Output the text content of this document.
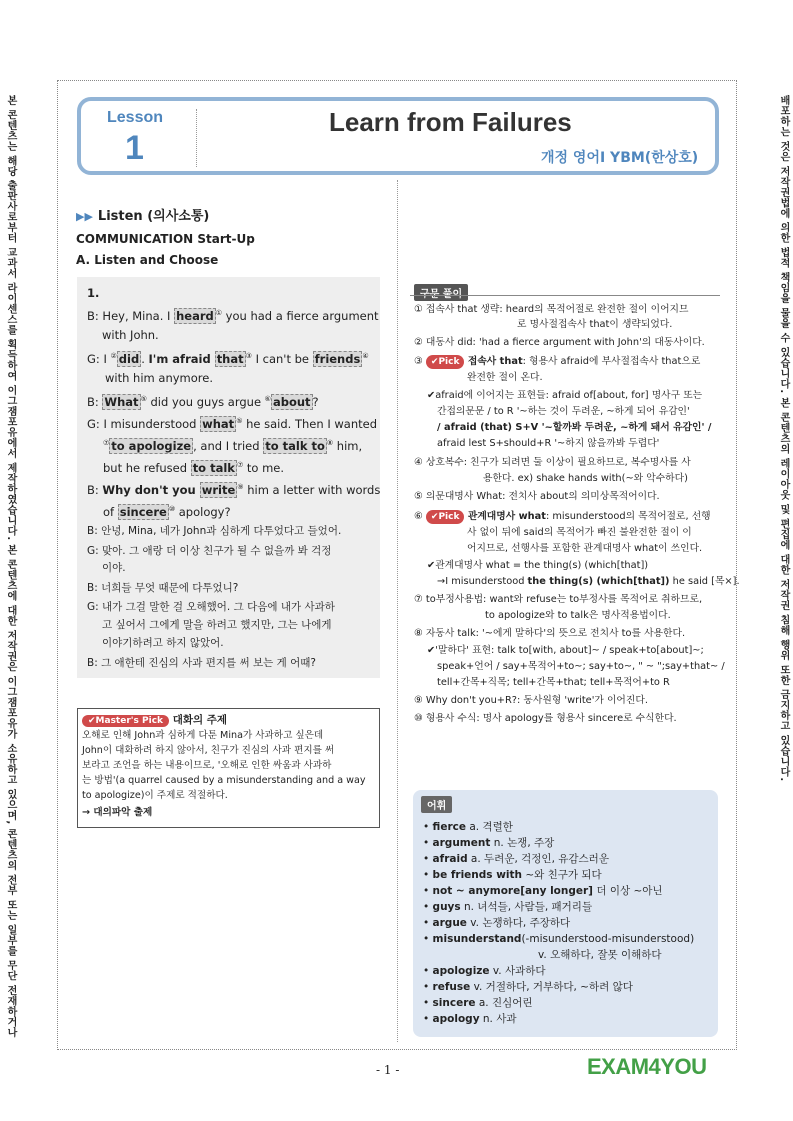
본 콘텐츠는 해당 출판사로부터 교과서 라이센스를 획득하여 이그잼포유에서 제작하였습니다. 본 콘텐츠에 대한 저작권은 이그잼포유가 소유하고 있으며, 콘텐츠의 전부 또는 일부를 무단 전재하거나	배포하는 것은 저작권법에 의한 법적 책임을 물을 수 있습니다. 본 콘텐츠의 레이아웃 및 편집에 대한 저작권 침해 행위 또한 금지하고 있습니다.
Lesson
1
Learn from Failures
개정 영어I YBM(한상호)
▶▶ Listen (의사소통)
COMMUNICATION Start-Up
A. Listen and Choose
1.
B: Hey, Mina. I heard ① you had a fierce argument
with John.
G: I ② did . I'm afraid that ③ I can't be friends ④
with him anymore.
B: What ⑤ did you guys argue ⑥ about ?
G: I misunderstood what ⑤ he said. Then I wanted
⑦ to apologize , and I tried to talk to ⑧ him,
but he refused to talk ⑦ to me.
B: Why don't you write ⑨ him a letter with words
of sincere ⑩ apology?
B: 안녕, Mina, 네가 John과 심하게 다투었다고 들었어.
G: 맞아. 그 애랑 더 이상 친구가 될 수 없을까 봐 걱정
이야.
B: 너희들 무엇 때문에 다투었니?
G: 내가 그걸 말한 걸 오해했어. 그 다음에 내가 사과하
고 싶어서 그에게 말을 하려고 했지만, 그는 나에게
이야기하려고 하지 않았어.
B: 그 애한테 진심의 사과 편지를 써 보는 게 어때?
✔Master's Pick 대화의 주제
오해로 인해 John과 심하게 다툰 Mina가 사과하고 싶은데
John이 대화하려 하지 않아서, 친구가 진심의 사과 편지를 써
보라고 조언을 하는 내용이므로, '오해로 인한 싸움과 사과하
는 방법'(a quarrel caused by a misunderstanding and a way
to apologize)이 주제로 적절하다.
→ 대의파악 출제
구문 풀이
① 접속사 that 생략: heard의 목적어절로 완전한 절이 이어지므
로 명사절접속사 that이 생략되었다.
② 대동사 did: 'had a fierce argument with John'의 대동사이다.
③ ✔Pick 접속사 that: 형용사 afraid에 부사절접속사 that으로
완전한 절이 온다.
✔afraid에 이어지는 표현들: afraid of[about, for] 명사구 또는
간접의문문 / to R '~하는 것이 두려운, ~하게 되어 유감인'
/ afraid (that) S+V '~할까봐 두려운, ~하게 돼서 유감인' /
afraid lest S+should+R '~하지 않을까봐 두렵다'
④ 상호복수: 친구가 되려면 둘 이상이 필요하므로, 복수명사를 사
용한다. ex) shake hands with(~와 악수하다)
⑤ 의문대명사 What: 전치사 about의 의미상목적어이다.
⑥ ✔Pick 관계대명사 what: misunderstood의 목적어절로, 선행
사 없이 뒤에 said의 목적어가 빠진 불완전한 절이 이
어지므로, 선행사를 포함한 관계대명사 what이 쓰인다.
✔관계대명사 what = the thing(s) (which[that])
→I misunderstood the thing(s) (which[that]) he said [목×].
⑦ to부정사용법: want와 refuse는 to부정사를 목적어로 취하므로,
to apologize와 to talk은 명사적용법이다.
⑧ 자동사 talk: '~에게 말하다'의 뜻으로 전치사 to를 사용한다.
✔'말하다' 표현: talk to[with, about]~ / speak+to[about]~;
speak+언어 / say+목적어+to~; say+to~, " ~ ";say+that~ /
tell+간목+직목; tell+간목+that; tell+목적어+to R
⑨ Why don't you+R?: 동사원형 'write'가 이어진다.
⑩ 형용사 수식: 명사 apology를 형용사 sincere로 수식한다.
어휘
• fierce a. 격렬한
• argument n. 논쟁, 주장
• afraid a. 두려운, 걱정인, 유감스러운
• be friends with ~와 친구가 되다
• not ~ anymore[any longer] 더 이상 ~아닌
• guys n. 녀석들, 사람들, 패거리들
• argue v. 논쟁하다, 주장하다
• misunderstand(-misunderstood-misunderstood)
v. 오해하다, 잘못 이해하다
• apologize v. 사과하다
• refuse v. 거절하다, 거부하다, ~하려 않다
• sincere a. 진심어린
• apology n. 사과
- 1 -	EXAM4YOU
